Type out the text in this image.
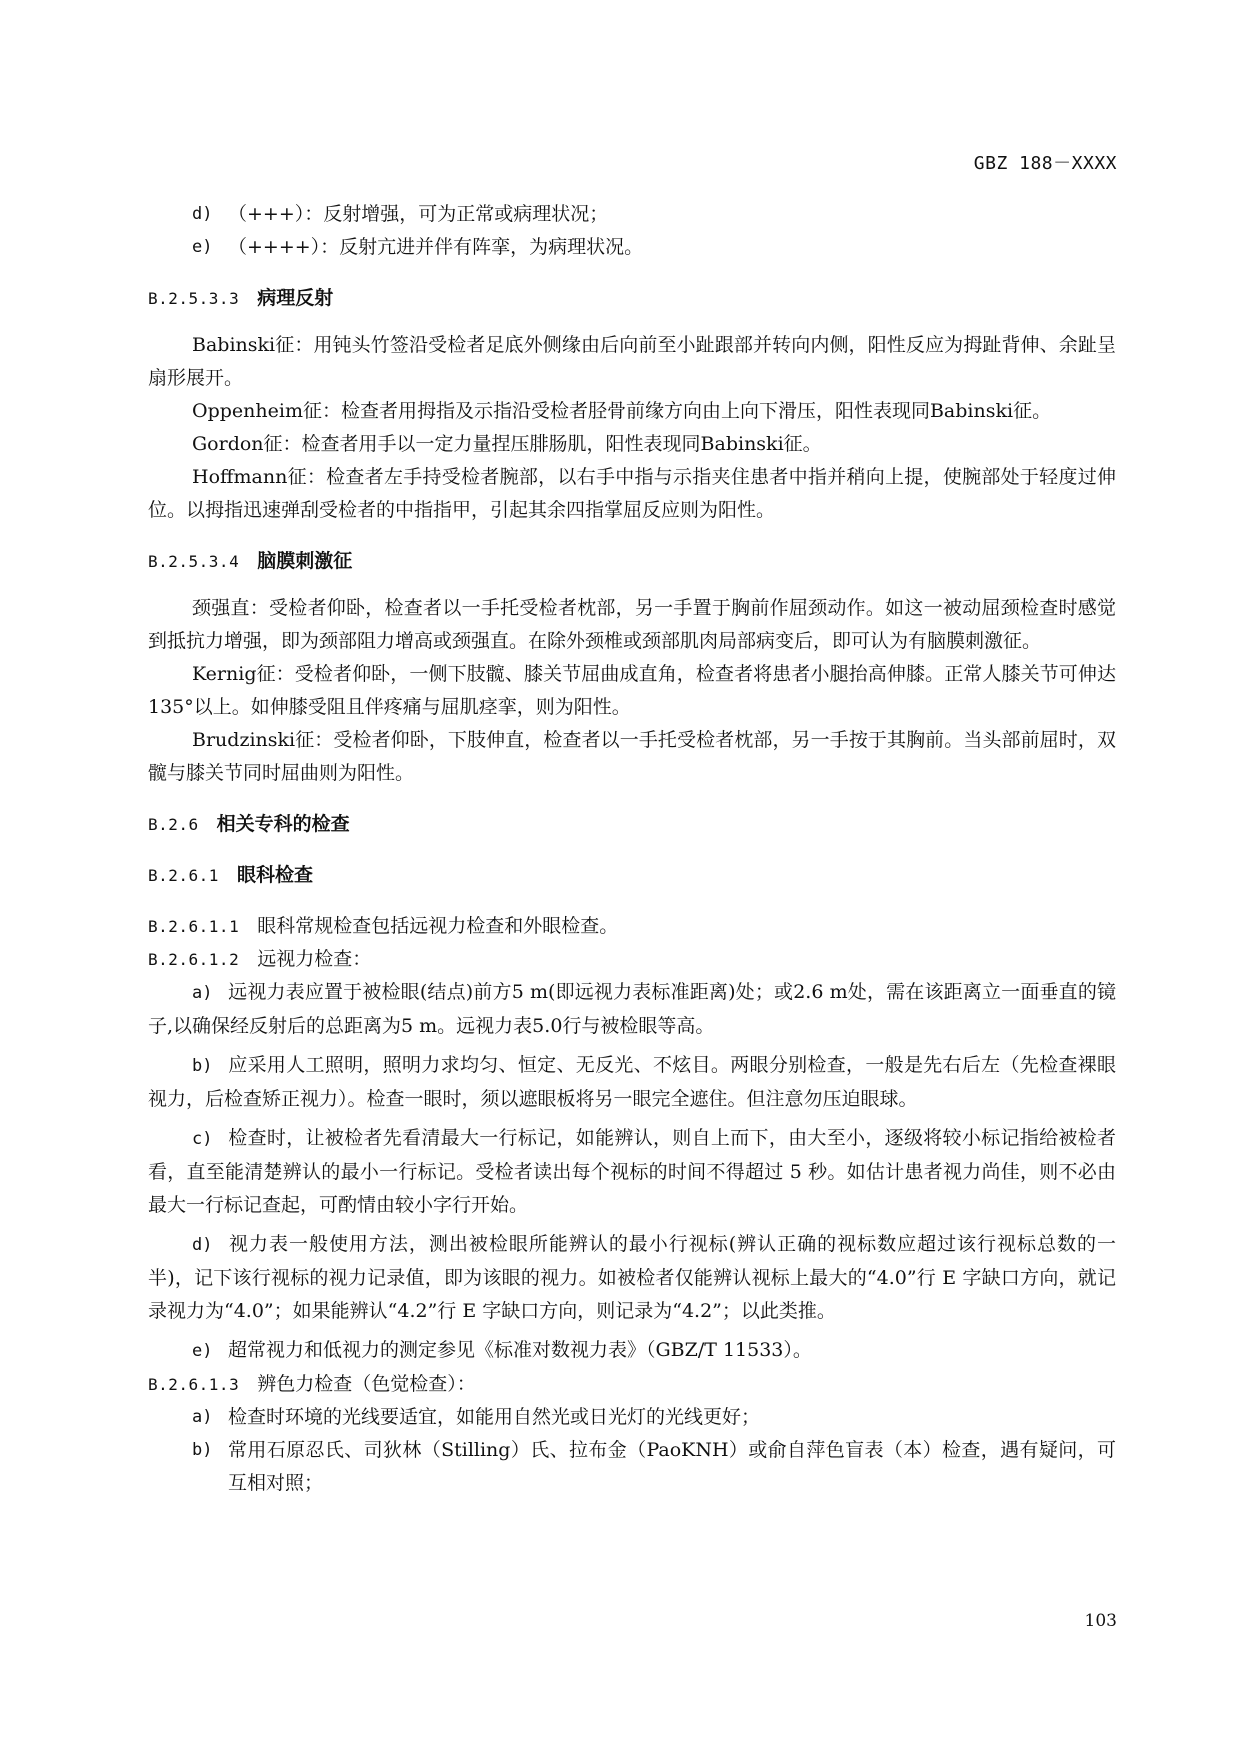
GBZ 188－XXXX
d) （+++）：反射增强，可为正常或病理状况；
e) （++++）：反射亢进并伴有阵挛，为病理状况。
B.2.5.3.3 病理反射

Babinski征：用钝头竹签沿受检者足底外侧缘由后向前至小趾跟部并转向内侧，阳性反应为拇趾背伸、余趾呈扇形展开。

Oppenheim征：检查者用拇指及示指沿受检者胫骨前缘方向由上向下滑压，阳性表现同Babinski征。

Gordon征：检查者用手以一定力量捏压腓肠肌，阳性表现同Babinski征。

Hoffmann征：检查者左手持受检者腕部，以右手中指与示指夹住患者中指并稍向上提，使腕部处于轻度过伸位。以拇指迅速弹刮受检者的中指指甲，引起其余四指掌屈反应则为阳性。

B.2.5.3.4 脑膜刺激征

颈强直：受检者仰卧，检查者以一手托受检者枕部，另一手置于胸前作屈颈动作。如这一被动屈颈检查时感觉到抵抗力增强，即为颈部阻力增高或颈强直。在除外颈椎或颈部肌肉局部病变后，即可认为有脑膜刺激征。

Kernig征：受检者仰卧，一侧下肢髋、膝关节屈曲成直角，检查者将患者小腿抬高伸膝。正常人膝关节可伸达135°以上。如伸膝受阻且伴疼痛与屈肌痉挛，则为阳性。

Brudzinski征：受检者仰卧，下肢伸直，检查者以一手托受检者枕部，另一手按于其胸前。当头部前屈时，双髋与膝关节同时屈曲则为阳性。

B.2.6 相关专科的检查
B.2.6.1 眼科检查
B.2.6.1.1 眼科常规检查包括远视力检查和外眼检查。
B.2.6.1.2 远视力检查：

a) 远视力表应置于被检眼(结点)前方5 m(即远视力表标准距离)处；或2.6 m处，需在该距离立一面垂直的镜子,以确保经反射后的总距离为5 m。远视力表5.0行与被检眼等高。

b) 应采用人工照明，照明力求均匀、恒定、无反光、不炫目。两眼分别检查，一般是先右后左（先检查裸眼视力，后检查矫正视力）。检查一眼时，须以遮眼板将另一眼完全遮住。但注意勿压迫眼球。

c) 检查时，让被检者先看清最大一行标记，如能辨认，则自上而下，由大至小，逐级将较小标记指给被检者看，直至能清楚辨认的最小一行标记。受检者读出每个视标的时间不得超过 5 秒。如估计患者视力尚佳，则不必由最大一行标记查起，可酌情由较小字行开始。

d) 视力表一般使用方法，测出被检眼所能辨认的最小行视标(辨认正确的视标数应超过该行视标总数的一半)，记下该行视标的视力记录值，即为该眼的视力。如被检者仅能辨认视标上最大的“4.0”行 E 字缺口方向，就记录视力为“4.0”；如果能辨认“4.2”行 E 字缺口方向，则记录为“4.2”；以此类推。

e) 超常视力和低视力的测定参见《标准对数视力表》（GBZ/T 11533）。

B.2.6.1.3 辨色力检查（色觉检查）：
a) 检查时环境的光线要适宜，如能用自然光或日光灯的光线更好；
b) 常用石原忍氏、司狄林（Stilling）氏、拉布金（PaoKNH）或俞自萍色盲表（本）检查，遇有疑问，可互相对照；
103
